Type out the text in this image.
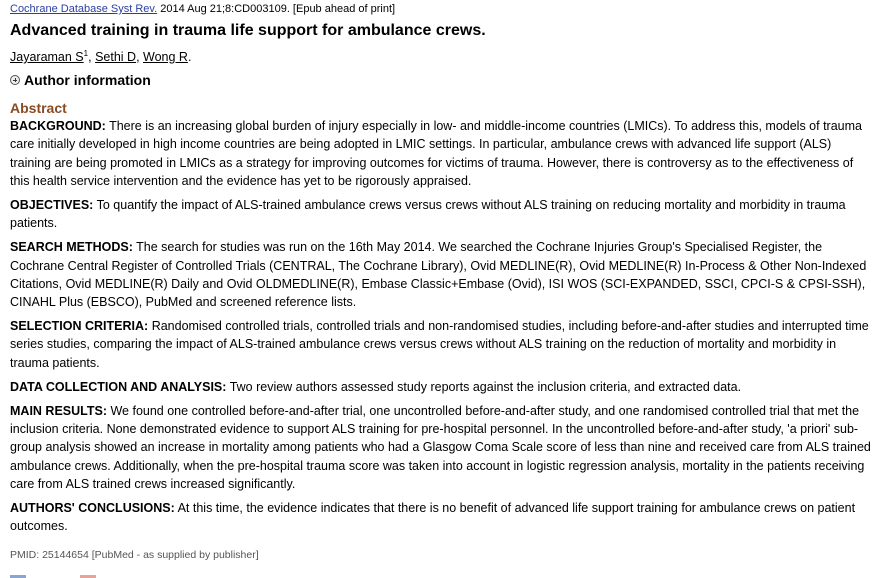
Cochrane Database Syst Rev. 2014 Aug 21;8:CD003109. [Epub ahead of print]
Advanced training in trauma life support for ambulance crews.
Jayaraman $S^1$, Sethi D, Wong R.
Author information
Abstract

BACKGROUND: There is an increasing global burden of injury especially in low- and middle-income countries (LMICs). To address this, models of trauma care initially developed in high income countries are being adopted in LMIC settings. In particular, ambulance crews with advanced life support (ALS) training are being promoted in LMICs as a strategy for improving outcomes for victims of trauma. However, there is controversy as to the effectiveness of this health service intervention and the evidence has yet to be rigorously appraised.

OBJECTIVES: To quantify the impact of ALS-trained ambulance crews versus crews without ALS training on reducing mortality and morbidity in trauma patients.

SEARCH METHODS: The search for studies was run on the 16th May 2014. We searched the Cochrane Injuries Group's Specialised Register, the Cochrane Central Register of Controlled Trials (CENTRAL, The Cochrane Library), Ovid MEDLINE(R), Ovid MEDLINE(R) In-Process & Other Non-Indexed Citations, Ovid MEDLINE(R) Daily and Ovid OLDMEDLINE(R), Embase Classic+Embase (Ovid), ISI WOS (SCI-EXPANDED, SSCI, CPCI-S & CPSI-SSH), CINAHL Plus (EBSCO), PubMed and screened reference lists.

SELECTION CRITERIA: Randomised controlled trials, controlled trials and non-randomised studies, including before-and-after studies and interrupted time series studies, comparing the impact of ALS-trained ambulance crews versus crews without ALS training on the reduction of mortality and morbidity in trauma patients.

DATA COLLECTION AND ANALYSIS: Two review authors assessed study reports against the inclusion criteria, and extracted data.

MAIN RESULTS: We found one controlled before-and-after trial, one uncontrolled before-and-after study, and one randomised controlled trial that met the inclusion criteria. None demonstrated evidence to support ALS training for pre-hospital personnel. In the uncontrolled before-and-after study, 'a priori' sub-group analysis showed an increase in mortality among patients who had a Glasgow Coma Scale score of less than nine and received care from ALS trained ambulance crews. Additionally, when the pre-hospital trauma score was taken into account in logistic regression analysis, mortality in the patients receiving care from ALS trained crews increased significantly.

AUTHORS' CONCLUSIONS: At this time, the evidence indicates that there is no benefit of advanced life support training for ambulance crews on patient outcomes.

PMID: 25144654 [PubMed - as supplied by publisher]
